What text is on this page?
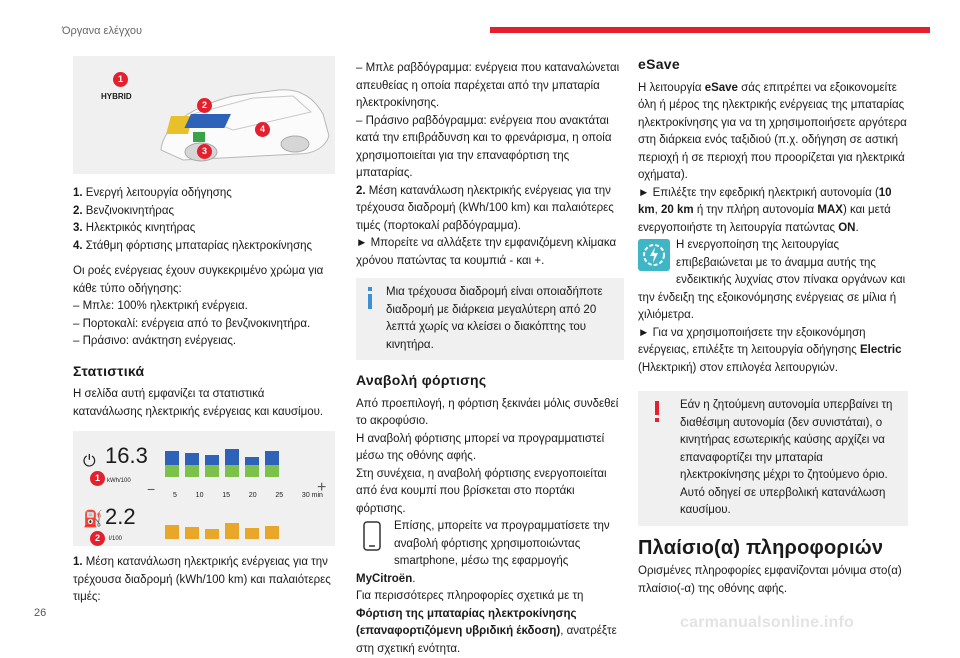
Όργανα ελέγχου
1
HYBRID
2
3
4
1. Ενεργή λειτουργία οδήγησης
2. Βενζινοκινητήρας
3. Ηλεκτρικός κινητήρας
4. Στάθμη φόρτισης μπαταρίας ηλεκτροκίνησης
Οι ροές ενέργειας έχουν συγκεκριμένο χρώμα για κάθε τύπο οδήγησης:
– Μπλε: 100% ηλεκτρική ενέργεια.
– Πορτοκαλί: ενέργεια από το βενζινοκινητήρα.
– Πράσινο: ανάκτηση ενέργειας.
Στατιστικά
Η σελίδα αυτή εμφανίζει τα στατιστικά κατανάλωσης ηλεκτρικής ενέργειας και καυσίμου.
⏻ 16.3
kWh/100
1
⛽ 2.2
l/100
2
−	+
5	10	15	20	25	30 min
1. Μέση κατανάλωση ηλεκτρικής ενέργειας για την τρέχουσα διαδρομή (kWh/100 km) και παλαιότερες τιμές:
– Μπλε ραβδόγραμμα: ενέργεια που καταναλώνεται απευθείας η οποία παρέχεται από την μπαταρία ηλεκτροκίνησης.
– Πράσινο ραβδόγραμμα: ενέργεια που ανακτάται κατά την επιβράδυνση και το φρενάρισμα, η οποία χρησιμοποιείται για την επαναφόρτιση της μπαταρίας.
2. Μέση κατανάλωση ηλεκτρικής ενέργειας για την τρέχουσα διαδρομή (kWh/100 km) και παλαιότερες τιμές (πορτοκαλί ραβδόγραμμα).
► Μπορείτε να αλλάξετε την εμφανιζόμενη κλίμακα χρόνου πατώντας τα κουμπιά - και +.
Μια τρέχουσα διαδρομή είναι οποιαδήποτε διαδρομή με διάρκεια μεγαλύτερη από 20 λεπτά χωρίς να κλείσει ο διακόπτης του κινητήρα.
Αναβολή φόρτισης
Από προεπιλογή, η φόρτιση ξεκινάει μόλις συνδεθεί το ακροφύσιο.
Η αναβολή φόρτισης μπορεί να προγραμματιστεί μέσω της οθόνης αφής.
Στη συνέχεια, η αναβολή φόρτισης ενεργοποιείται από ένα κουμπί που βρίσκεται στο πορτάκι φόρτισης.
Επίσης, μπορείτε να προγραμματίσετε την αναβολή φόρτισης χρησιμοποιώντας smartphone, μέσω της εφαρμογής MyCitroën.
Για περισσότερες πληροφορίες σχετικά με τη Φόρτιση της μπαταρίας ηλεκτροκίνησης (επαναφορτιζόμενη υβριδική έκδοση), ανατρέξτε στη σχετική ενότητα.
eSave
Η λειτουργία eSave σάς επιτρέπει να εξοικονομείτε όλη ή μέρος της ηλεκτρικής ενέργειας της μπαταρίας ηλεκτροκίνησης για να τη χρησιμοποιήσετε αργότερα στη διάρκεια ενός ταξιδιού (π.χ. οδήγηση σε αστική περιοχή ή σε περιοχή που προορίζεται για ηλεκτρικά οχήματα).
► Επιλέξτε την εφεδρική ηλεκτρική αυτονομία (10 km, 20 km ή την πλήρη αυτονομία MAX) και μετά ενεργοποιήστε τη λειτουργία πατώντας ON.
Η ενεργοποίηση της λειτουργίας επιβεβαιώνεται με το άναμμα αυτής της ενδεικτικής λυχνίας στον πίνακα οργάνων και την ένδειξη της εξοικονόμησης ενέργειας σε μίλια ή χιλιόμετρα.
► Για να χρησιμοποιήσετε την εξοικονόμηση ενέργειας, επιλέξτε τη λειτουργία οδήγησης Electric (Ηλεκτρική) στον επιλογέα λειτουργιών.
Εάν η ζητούμενη αυτονομία υπερβαίνει τη διαθέσιμη αυτονομία (δεν συνιστάται), ο κινητήρας εσωτερικής καύσης αρχίζει να επαναφορτίζει την μπαταρία ηλεκτροκίνησης μέχρι το ζητούμενο όριο. Αυτό οδηγεί σε υπερβολική κατανάλωση καυσίμου.
Πλαίσιο(α) πληροφοριών
Ορισμένες πληροφορίες εμφανίζονται μόνιμα στο(α) πλαίσιο(-α) της οθόνης αφής.
26
carmanualsonline.info
